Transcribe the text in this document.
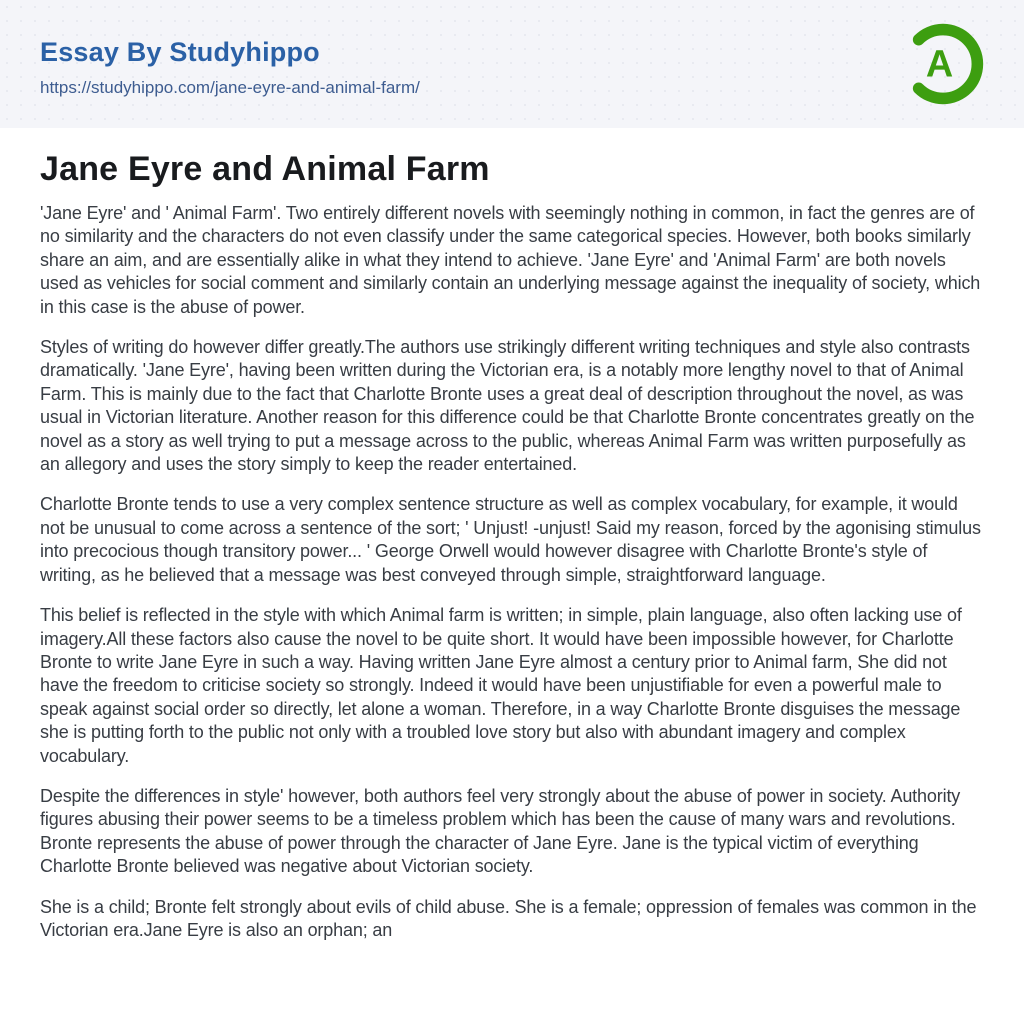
Essay By Studyhippo
https://studyhippo.com/jane-eyre-and-animal-farm/
A
Jane Eyre and Animal Farm

'Jane Eyre' and ' Animal Farm'. Two entirely different novels with seemingly nothing in common, in fact the genres are of no similarity and the characters do not even classify under the same categorical species. However, both books similarly share an aim, and are essentially alike in what they intend to achieve. 'Jane Eyre' and 'Animal Farm' are both novels used as vehicles for social comment and similarly contain an underlying message against the inequality of society, which in this case is the abuse of power.

Styles of writing do however differ greatly.The authors use strikingly different writing techniques and style also contrasts dramatically. 'Jane Eyre', having been written during the Victorian era, is a notably more lengthy novel to that of Animal Farm. This is mainly due to the fact that Charlotte Bronte uses a great deal of description throughout the novel, as was usual in Victorian literature. Another reason for this difference could be that Charlotte Bronte concentrates greatly on the novel as a story as well trying to put a message across to the public, whereas Animal Farm was written purposefully as an allegory and uses the story simply to keep the reader entertained.

Charlotte Bronte tends to use a very complex sentence structure as well as complex vocabulary, for example, it would not be unusual to come across a sentence of the sort; ' Unjust! -unjust! Said my reason, forced by the agonising stimulus into precocious though transitory power... ' George Orwell would however disagree with Charlotte Bronte's style of writing, as he believed that a message was best conveyed through simple, straightforward language.

This belief is reflected in the style with which Animal farm is written; in simple, plain language, also often lacking use of imagery.All these factors also cause the novel to be quite short. It would have been impossible however, for Charlotte Bronte to write Jane Eyre in such a way. Having written Jane Eyre almost a century prior to Animal farm, She did not have the freedom to criticise society so strongly. Indeed it would have been unjustifiable for even a powerful male to speak against social order so directly, let alone a woman. Therefore, in a way Charlotte Bronte disguises the message she is putting forth to the public not only with a troubled love story but also with abundant imagery and complex vocabulary.

Despite the differences in style' however, both authors feel very strongly about the abuse of power in society. Authority figures abusing their power seems to be a timeless problem which has been the cause of many wars and revolutions. Bronte represents the abuse of power through the character of Jane Eyre. Jane is the typical victim of everything Charlotte Bronte believed was negative about Victorian society.

She is a child; Bronte felt strongly about evils of child abuse. She is a female; oppression of females was common in the Victorian era.Jane Eyre is also an orphan; an
